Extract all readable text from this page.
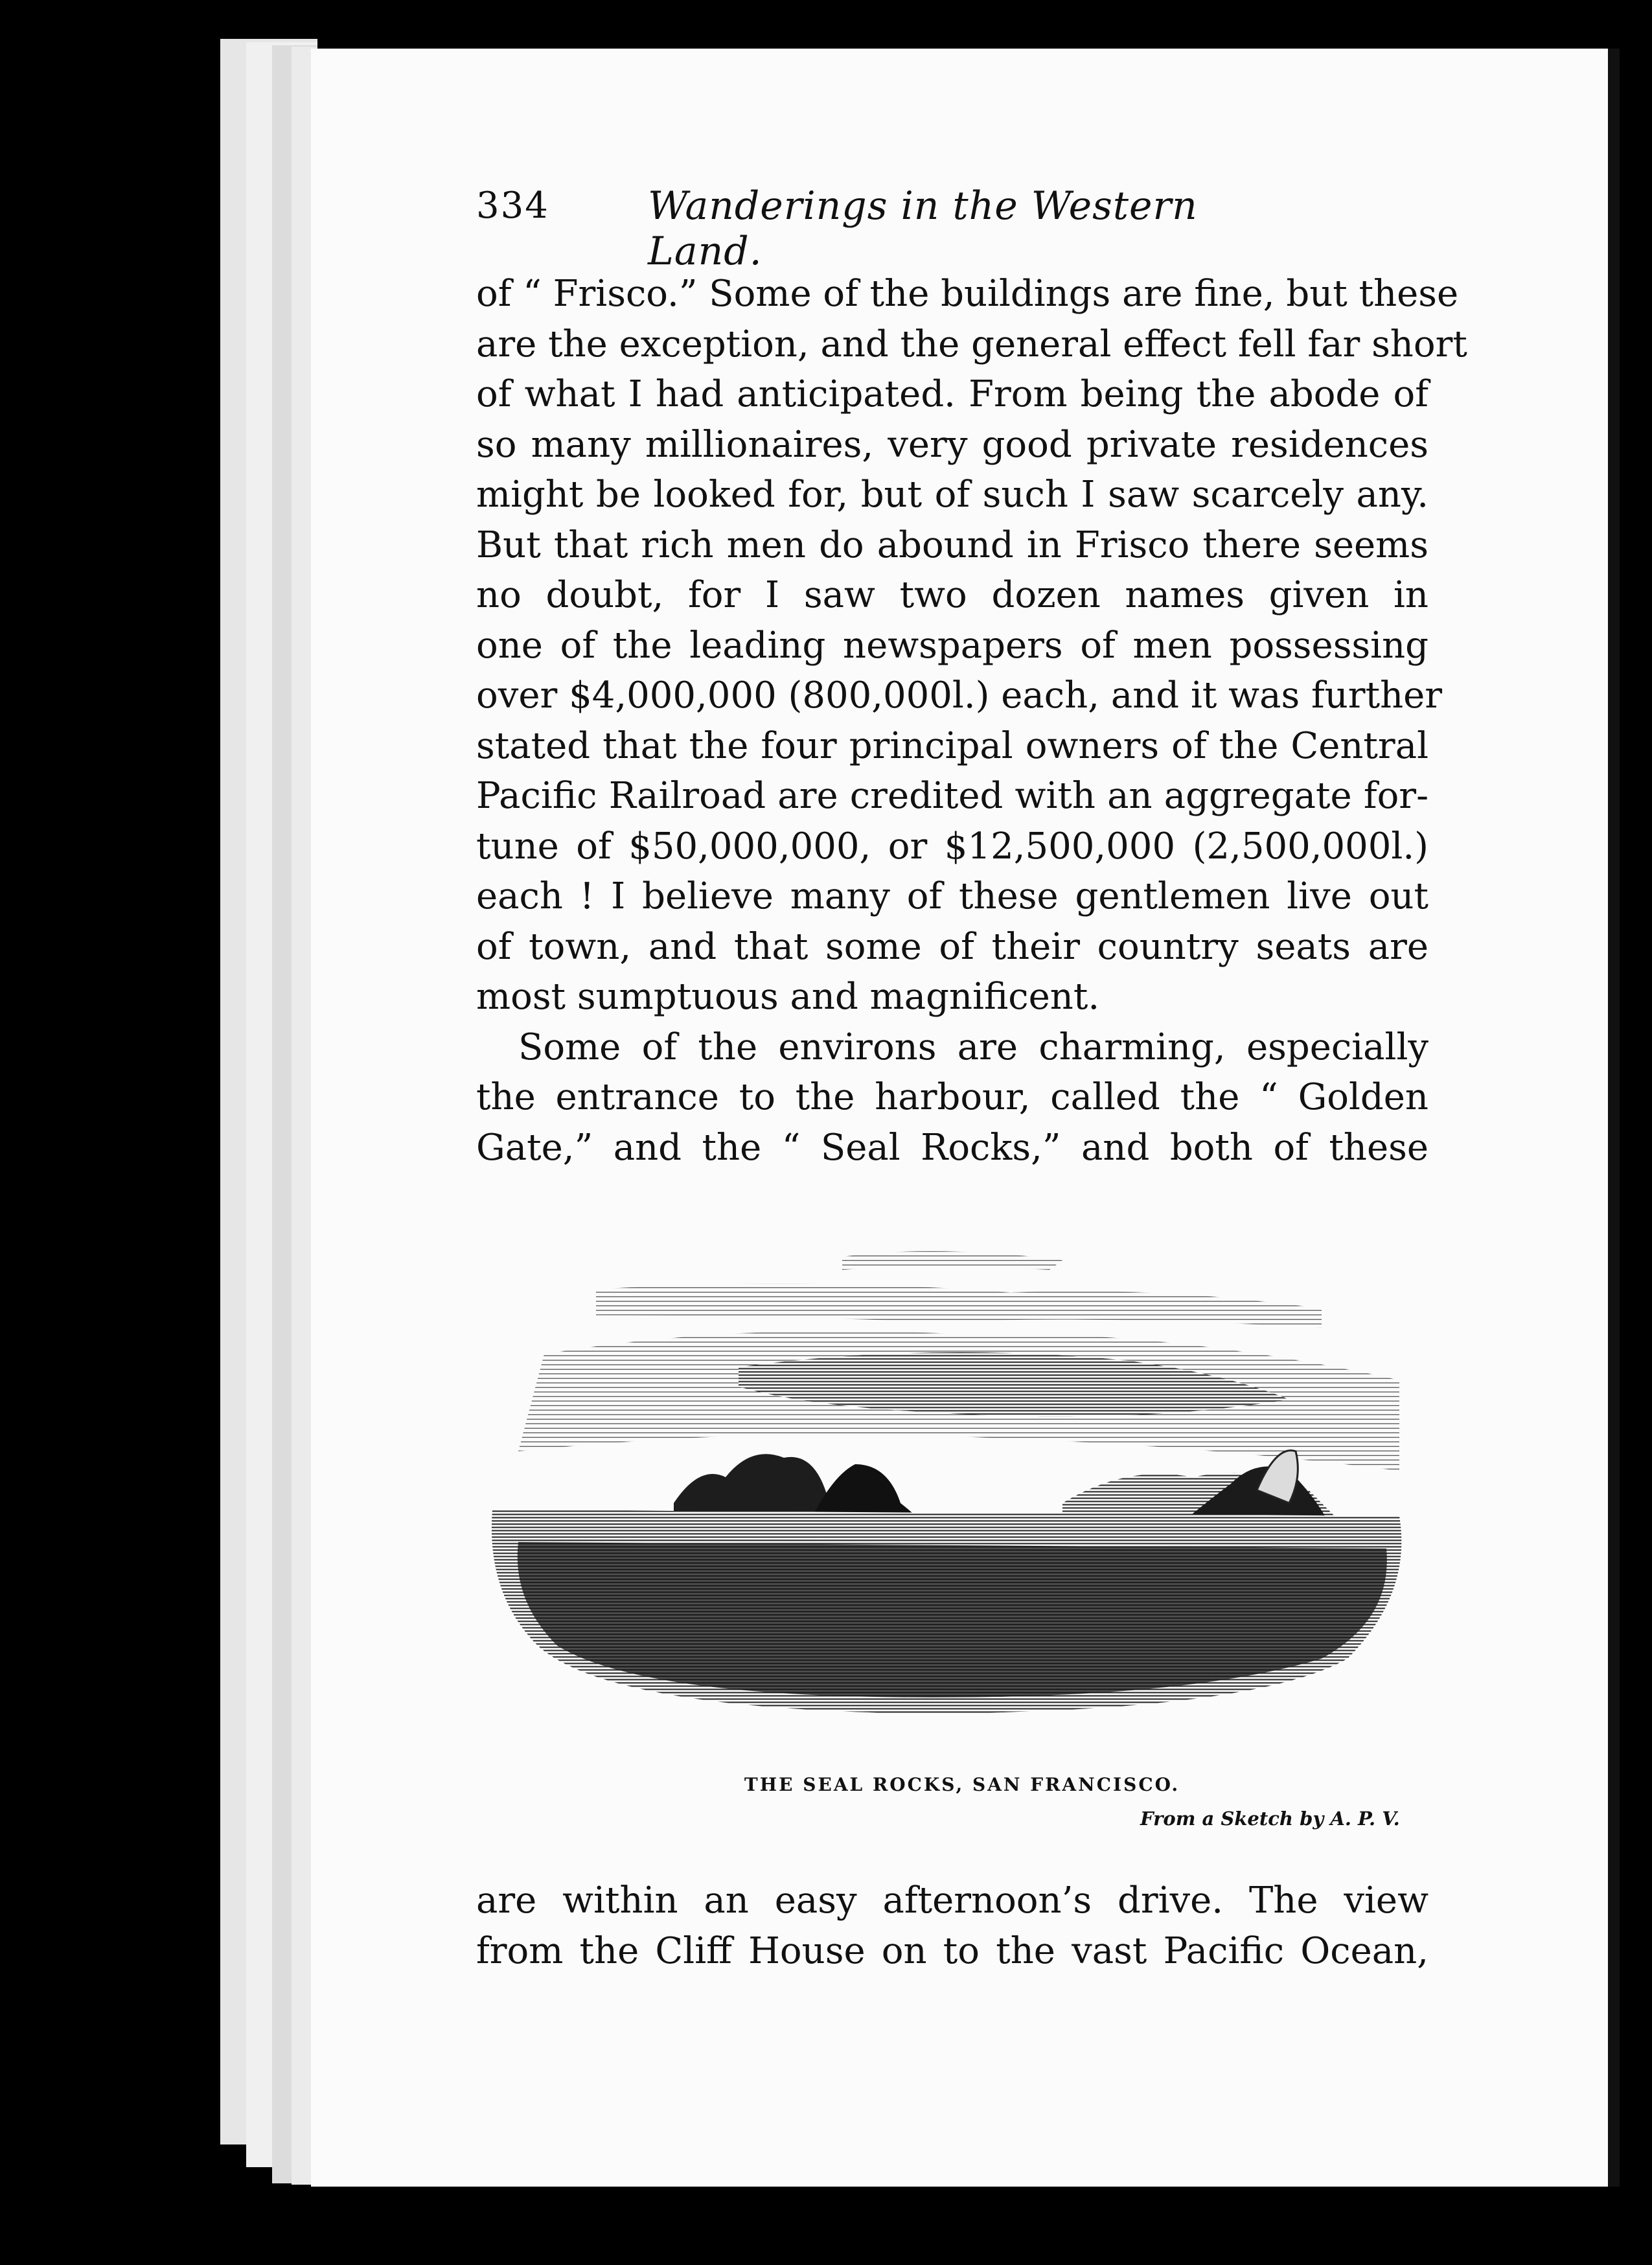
334	Wanderings in the Western Land.
of “ Frisco.” Some of the buildings are fine, but these
are the exception, and the general effect fell far short
of what I had anticipated. From being the abode of
so many millionaires, very good private residences
might be looked for, but of such I saw scarcely any.
But that rich men do abound in Frisco there seems
no doubt, for I saw two dozen names given in
one of the leading newspapers of men possessing
over $4,000,000 (800,000l.) each, and it was further
stated that the four principal owners of the Central
Pacific Railroad are credited with an aggregate for-
tune of $50,000,000, or $12,500,000 (2,500,000l.)
each ! I believe many of these gentlemen live out
of town, and that some of their country seats are
most sumptuous and magnificent.
Some of the environs are charming, especially
the entrance to the harbour, called the “ Golden
Gate,” and the “ Seal Rocks,” and both of these
THE SEAL ROCKS, SAN FRANCISCO.
From a Sketch by A. P. V.
are within an easy afternoon’s drive. The view
from the Cliff House on to the vast Pacific Ocean,
